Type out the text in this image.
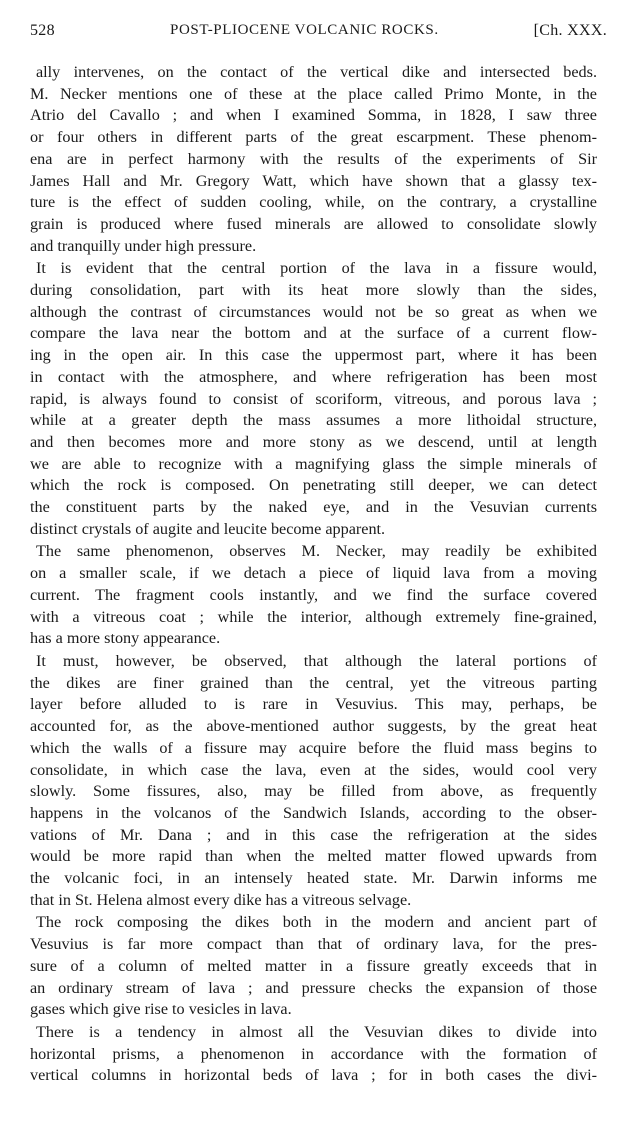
528	POST-PLIOCENE VOLCANIC ROCKS.	[Ch. XXX.

ally intervenes, on the contact of the vertical dike and intersected beds.
M. Necker mentions one of these at the place called Primo Monte, in the
Atrio del Cavallo ; and when I examined Somma, in 1828, I saw three
or four others in different parts of the great escarpment. These phenom-
ena are in perfect harmony with the results of the experiments of Sir
James Hall and Mr. Gregory Watt, which have shown that a glassy tex-
ture is the effect of sudden cooling, while, on the contrary, a crystalline
grain is produced where fused minerals are allowed to consolidate slowly
and tranquilly under high pressure.

It is evident that the central portion of the lava in a fissure would,
during consolidation, part with its heat more slowly than the sides,
although the contrast of circumstances would not be so great as when we
compare the lava near the bottom and at the surface of a current flow-
ing in the open air. In this case the uppermost part, where it has been
in contact with the atmosphere, and where refrigeration has been most
rapid, is always found to consist of scoriform, vitreous, and porous lava ;
while at a greater depth the mass assumes a more lithoidal structure,
and then becomes more and more stony as we descend, until at length
we are able to recognize with a magnifying glass the simple minerals of
which the rock is composed. On penetrating still deeper, we can detect
the constituent parts by the naked eye, and in the Vesuvian currents
distinct crystals of augite and leucite become apparent.

The same phenomenon, observes M. Necker, may readily be exhibited
on a smaller scale, if we detach a piece of liquid lava from a moving
current. The fragment cools instantly, and we find the surface covered
with a vitreous coat ; while the interior, although extremely fine-grained,
has a more stony appearance.

It must, however, be observed, that although the lateral portions of
the dikes are finer grained than the central, yet the vitreous parting
layer before alluded to is rare in Vesuvius. This may, perhaps, be
accounted for, as the above-mentioned author suggests, by the great heat
which the walls of a fissure may acquire before the fluid mass begins to
consolidate, in which case the lava, even at the sides, would cool very
slowly. Some fissures, also, may be filled from above, as frequently
happens in the volcanos of the Sandwich Islands, according to the obser-
vations of Mr. Dana ; and in this case the refrigeration at the sides
would be more rapid than when the melted matter flowed upwards from
the volcanic foci, in an intensely heated state. Mr. Darwin informs me
that in St. Helena almost every dike has a vitreous selvage.

The rock composing the dikes both in the modern and ancient part of
Vesuvius is far more compact than that of ordinary lava, for the pres-
sure of a column of melted matter in a fissure greatly exceeds that in
an ordinary stream of lava ; and pressure checks the expansion of those
gases which give rise to vesicles in lava.

There is a tendency in almost all the Vesuvian dikes to divide into
horizontal prisms, a phenomenon in accordance with the formation of
vertical columns in horizontal beds of lava ; for in both cases the divi-
